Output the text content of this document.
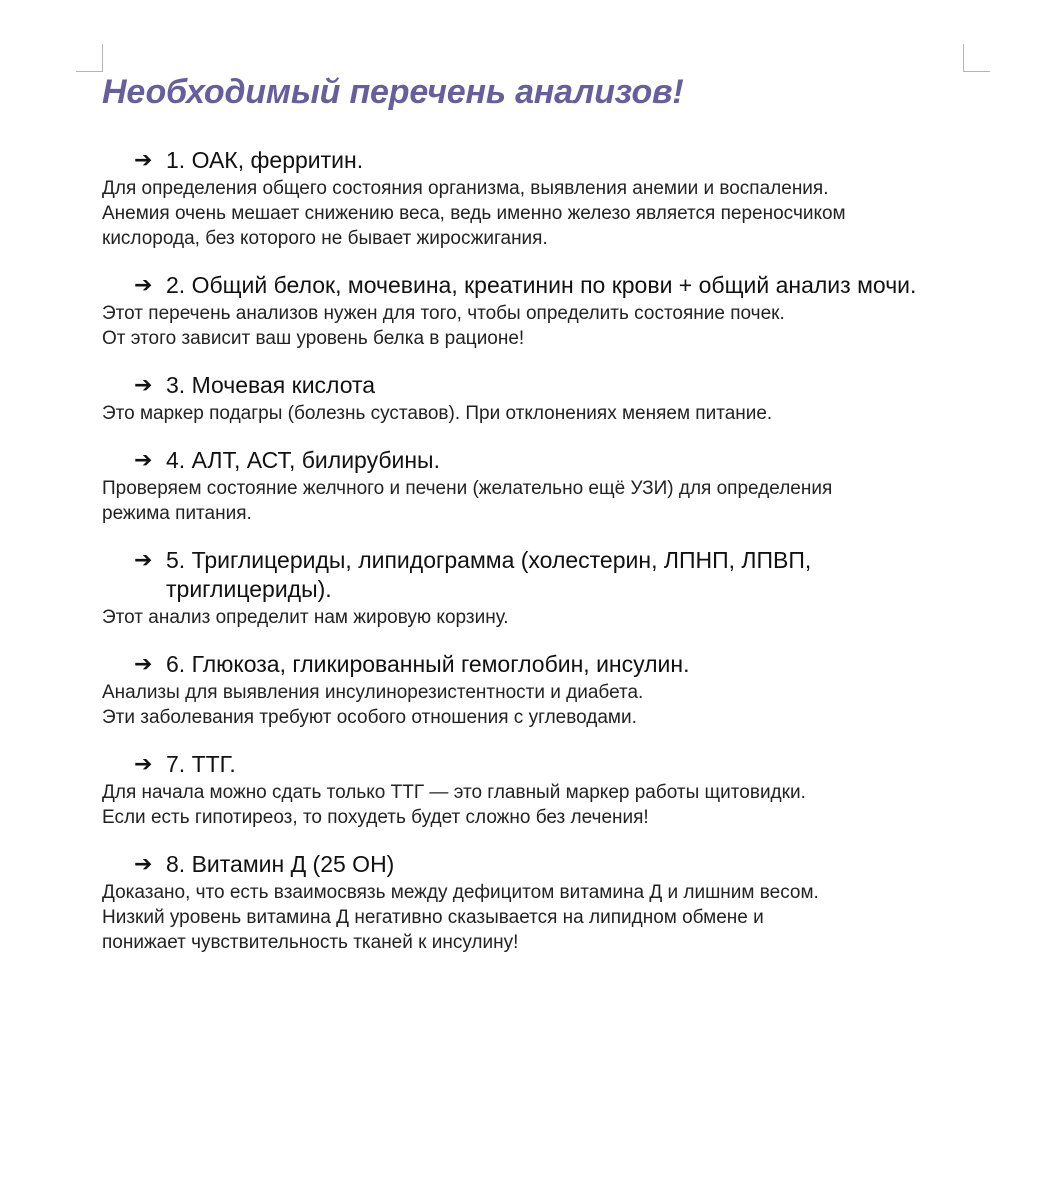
Необходимый перечень анализов!
➔ 1. ОАК, ферритин.

Для определения общего состояния организма, выявления анемии и воспаления.

Анемия очень мешает снижению веса, ведь именно железо является переносчиком

кислорода, без которого не бывает жиросжигания.

➔ 2. Общий белок, мочевина, креатинин по крови + общий анализ мочи.

Этот перечень анализов нужен для того, чтобы определить состояние почек.

От этого зависит ваш уровень белка в рационе!

➔ 3. Мочевая кислота

Это маркер подагры (болезнь суставов). При отклонениях меняем питание.

➔ 4. АЛТ, АСТ, билирубины.

Проверяем состояние желчного и печени (желательно ещё УЗИ) для определения

режима питания.

➔ 5. Триглицериды, липидограмма (холестерин, ЛПНП, ЛПВП, триглицериды).

Этот анализ определит нам жировую корзину.

➔ 6. Глюкоза, гликированный гемоглобин, инсулин.

Анализы для выявления инсулинорезистентности и диабета.

Эти заболевания требуют особого отношения с углеводами.

➔ 7. ТТГ.

Для начала можно сдать только ТТГ — это главный маркер работы щитовидки.

Если есть гипотиреоз, то похудеть будет сложно без лечения!

➔ 8. Витамин Д (25 ОН)

Доказано, что есть взаимосвязь между дефицитом витамина Д и лишним весом.

Низкий уровень витамина Д негативно сказывается на липидном обмене и

понижает чувствительность тканей к инсулину!
